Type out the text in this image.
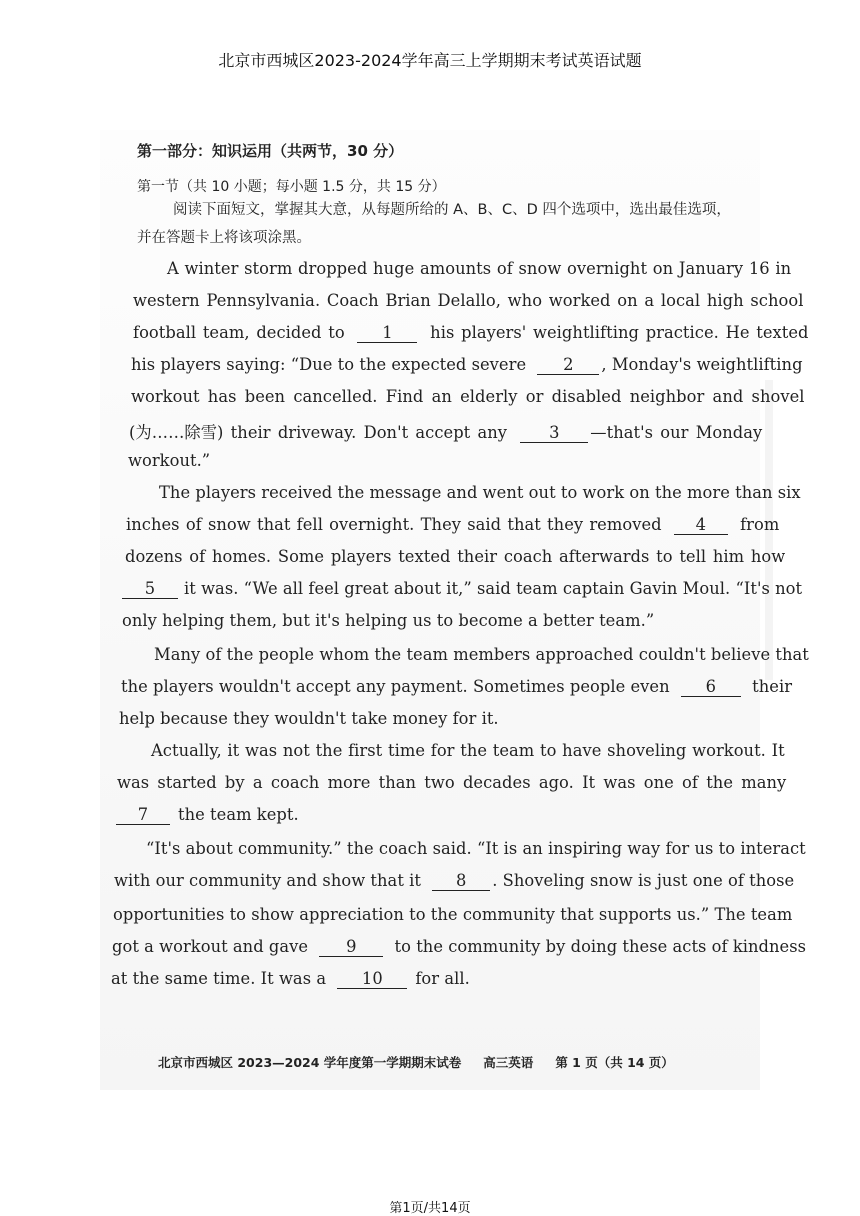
北京市西城区2023-2024学年高三上学期期末考试英语试题
第一部分：知识运用（共两节，30 分）
第一节（共 10 小题；每小题 1.5 分，共 15 分）
阅读下面短文，掌握其大意，从每题所给的 A、B、C、D 四个选项中，选出最佳选项，并在答题卡上将该项涂黑。
A winter storm dropped huge amounts of snow overnight on January 16 in
western Pennsylvania. Coach Brian Delallo, who worked on a local high school
football team, decided to 1 his players' weightlifting practice. He texted
his players saying: “Due to the expected severe 2 , Monday's weightlifting
workout has been cancelled. Find an elderly or disabled neighbor and shovel
(为……除雪) their driveway. Don't accept any	3 —that's our Monday
workout.”
The players received the message and went out to work on the more than six
inches of snow that fell overnight. They said that they removed 4 from
dozens of homes. Some players texted their coach afterwards to tell him how
5 it was. “We all feel great about it,” said team captain Gavin Moul. “It's not
only helping them, but it's helping us to become a better team.”
Many of the people whom the team members approached couldn't believe that
the players wouldn't accept any payment. Sometimes people even 6 their
help because they wouldn't take money for it.
Actually, it was not the first time for the team to have shoveling workout. It
was started by a coach more than two decades ago. It was one of the many
7 the team kept.
“It's about community.” the coach said. “It is an inspiring way for us to interact
with our community and show that it 8 . Shoveling snow is just one of those
opportunities to show appreciation to the community that supports us.” The team
got a workout and gave 9 to the community by doing these acts of kindness
at the same time. It was a 10 for all.
北京市西城区 2023—2024 学年度第一学期期末试卷 高三英语 第 1 页（共 14 页）
第1页/共14页
